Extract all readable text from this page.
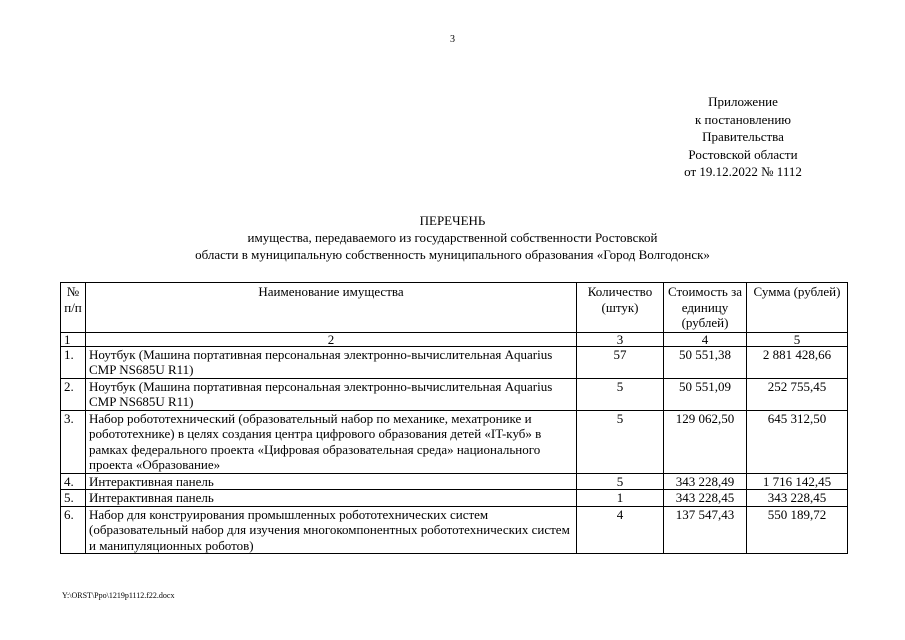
3
Приложение
к постановлению
Правительства
Ростовской области
от 19.12.2022 № 1112
ПЕРЕЧЕНЬ
имущества, передаваемого из государственной собственности Ростовской
области в муниципальную собственность муниципального образования «Город Волгодонск»
№ п/п	Наименование имущества	Количество (штук)	Стоимость за единицу (рублей)	Сумма (рублей)
1	2	3	4	5
1.	Ноутбук (Машина портативная персональная электронно-вычислительная Aquarius CMP NS685U R11)	57	50 551,38	2 881 428,66
2.	Ноутбук (Машина портативная персональная электронно-вычислительная Aquarius CMP NS685U R11)	5	50 551,09	252 755,45
3.	Набор робототехнический (образовательный набор по механике, мехатронике и робототехнике) в целях создания центра цифрового образования детей «IT-куб» в рамках федерального проекта «Цифровая образовательная среда» национального проекта «Образование»	5	129 062,50	645 312,50
4.	Интерактивная панель	5	343 228,49	1 716 142,45
5.	Интерактивная панель	1	343 228,45	343 228,45
6.	Набор для конструирования промышленных робототехнических систем (образовательный набор для изучения многокомпонентных робототехнических систем и манипуляционных роботов)	4	137 547,43	550 189,72
Y:\ORST\Ppo\1219p1112.f22.docx
